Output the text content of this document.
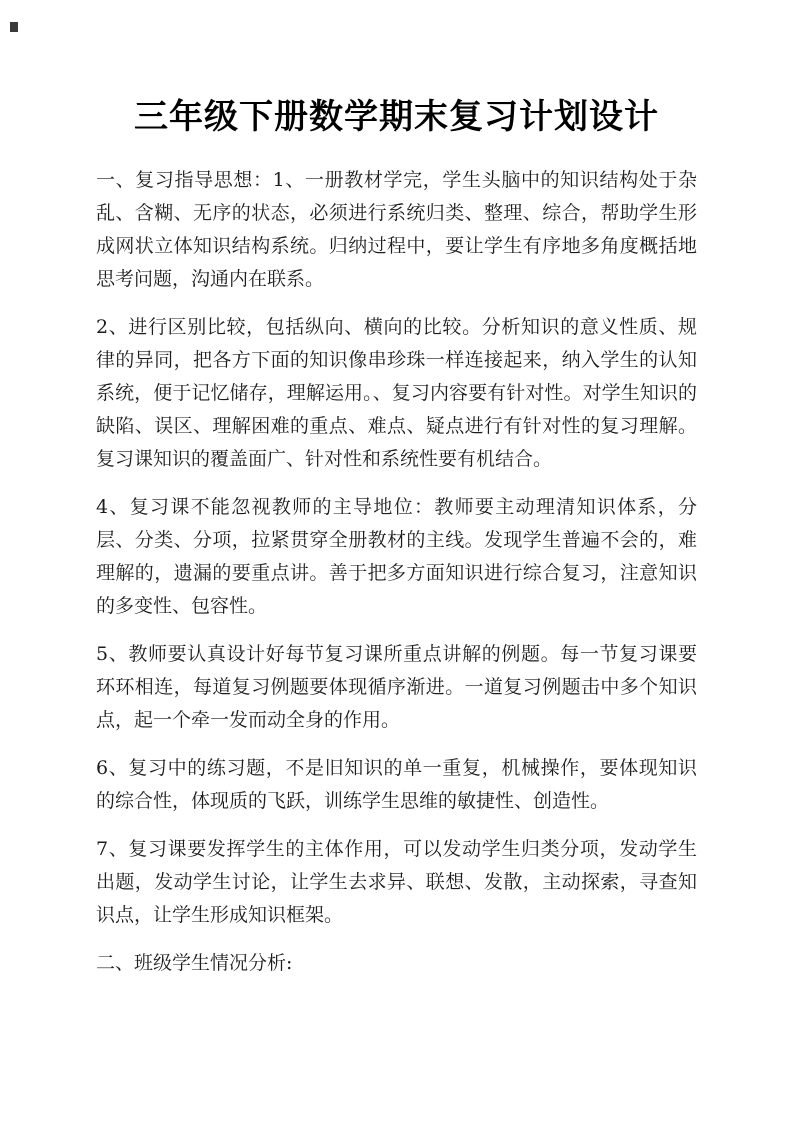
三年级下册数学期末复习计划设计

一、复习指导思想：1、一册教材学完，学生头脑中的知识结构处于杂乱、含糊、无序的状态，必须进行系统归类、整理、综合，帮助学生形成网状立体知识结构系统。归纳过程中，要让学生有序地多角度概括地思考问题，沟通内在联系。

2、进行区别比较，包括纵向、横向的比较。分析知识的意义性质、规律的异同，把各方下面的知识像串珍珠一样连接起来，纳入学生的认知系统，便于记忆储存，理解运用。、复习内容要有针对性。对学生知识的缺陷、误区、理解困难的重点、难点、疑点进行有针对性的复习理解。复习课知识的覆盖面广、针对性和系统性要有机结合。

4、复习课不能忽视教师的主导地位：教师要主动理清知识体系，分层、分类、分项，拉紧贯穿全册教材的主线。发现学生普遍不会的，难理解的，遗漏的要重点讲。善于把多方面知识进行综合复习，注意知识的多变性、包容性。

5、教师要认真设计好每节复习课所重点讲解的例题。每一节复习课要环环相连，每道复习例题要体现循序渐进。一道复习例题击中多个知识点，起一个牵一发而动全身的作用。

6、复习中的练习题，不是旧知识的单一重复，机械操作，要体现知识的综合性，体现质的飞跃，训练学生思维的敏捷性、创造性。

7、复习课要发挥学生的主体作用，可以发动学生归类分项，发动学生出题，发动学生讨论，让学生去求异、联想、发散，主动探索，寻查知识点，让学生形成知识框架。

二、班级学生情况分析:
